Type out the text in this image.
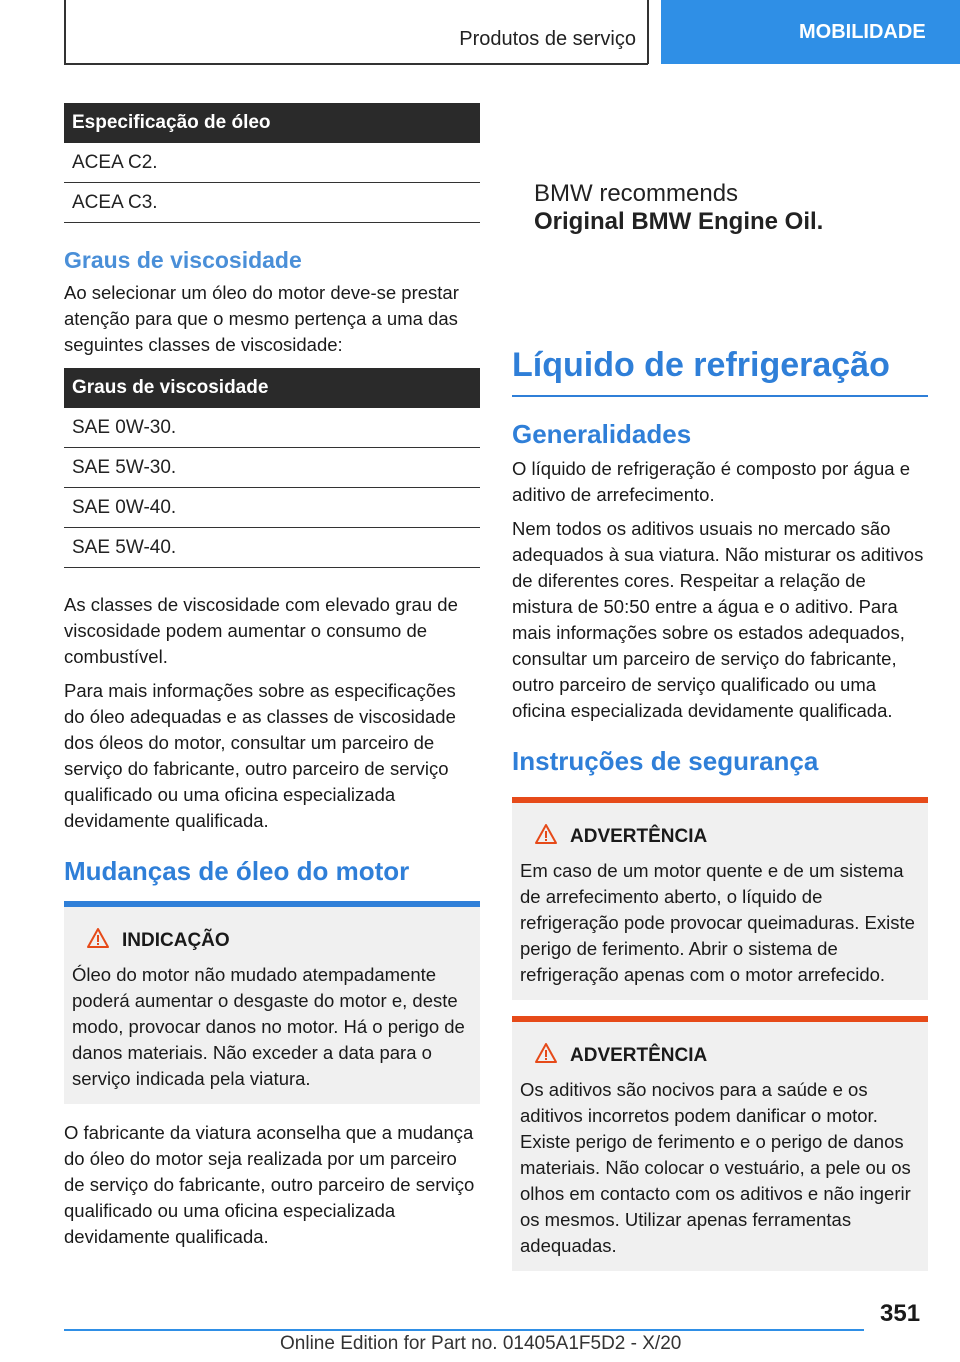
Produtos de serviço	MOBILIDADE
Especificação de óleo
ACEA C2.
ACEA C3.
Graus de viscosidade

Ao selecionar um óleo do motor deve-se prestar atenção para que o mesmo pertença a uma das seguintes classes de viscosidade:

Graus de viscosidade
SAE 0W-30.
SAE 5W-30.
SAE 0W-40.
SAE 5W-40.

As classes de viscosidade com elevado grau de viscosidade podem aumentar o consumo de combustível.

Para mais informações sobre as especificações do óleo adequadas e as classes de viscosidade dos óleos do motor, consultar um parceiro de serviço do fabricante, outro parceiro de serviço qualificado ou uma oficina especializada devidamente qualificada.

Mudanças de óleo do motor
INDICAÇÃO

Óleo do motor não mudado atempadamente poderá aumentar o desgaste do motor e, deste modo, provocar danos no motor. Há o perigo de danos materiais. Não exceder a data para o serviço indicada pela viatura.

O fabricante da viatura aconselha que a mudança do óleo do motor seja realizada por um parceiro de serviço do fabricante, outro parceiro de serviço qualificado ou uma oficina especializada devidamente qualificada.

BMW recommends
Original BMW Engine Oil.
Líquido de refrigeração
Generalidades

O líquido de refrigeração é composto por água e aditivo de arrefecimento.

Nem todos os aditivos usuais no mercado são adequados à sua viatura. Não misturar os aditivos de diferentes cores. Respeitar a relação de mistura de 50:50 entre a água e o aditivo. Para mais informações sobre os estados adequados, consultar um parceiro de serviço do fabricante, outro parceiro de serviço qualificado ou uma oficina especializada devidamente qualificada.

Instruções de segurança
ADVERTÊNCIA

Em caso de um motor quente e de um sistema de arrefecimento aberto, o líquido de refrigeração pode provocar queimaduras. Existe perigo de ferimento. Abrir o sistema de refrigeração apenas com o motor arrefecido.

ADVERTÊNCIA

Os aditivos são nocivos para a saúde e os aditivos incorretos podem danificar o motor. Existe perigo de ferimento e o perigo de danos materiais. Não colocar o vestuário, a pele ou os olhos em contacto com os aditivos e não ingerir os mesmos. Utilizar apenas ferramentas adequadas.

351
Online Edition for Part no. 01405A1F5D2 - X/20
